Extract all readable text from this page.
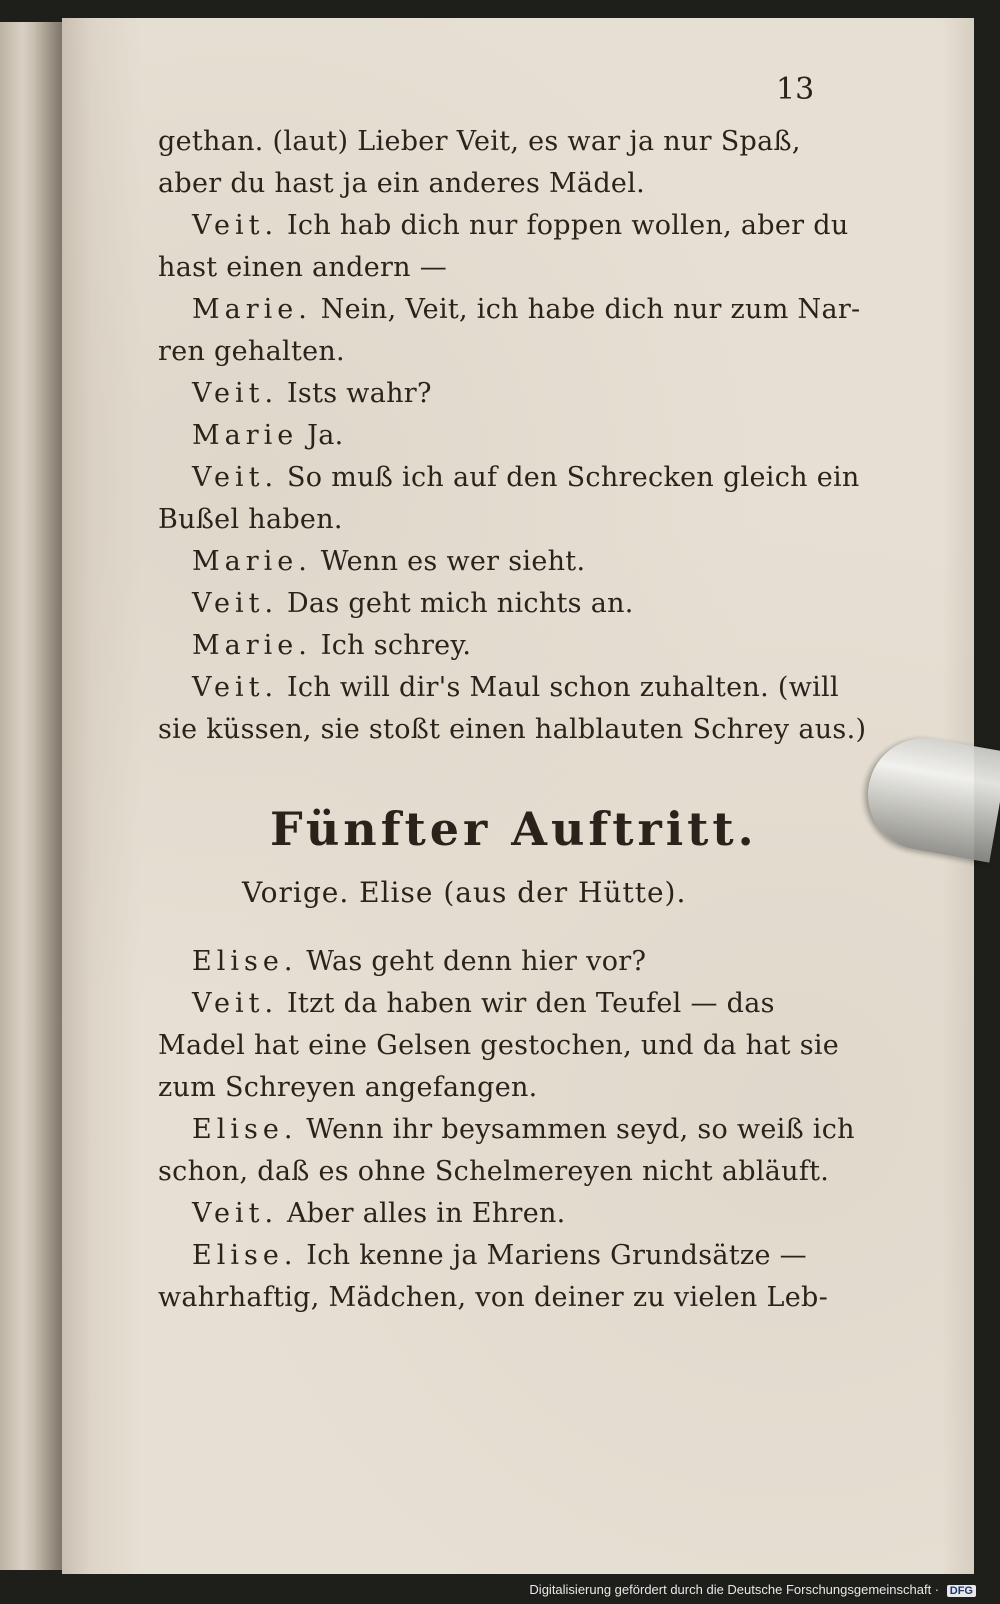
13
gethan. (laut) Lieber Veit, es war ja nur Spaß,
aber du hast ja ein anderes Mädel.
Veit. Ich hab dich nur foppen wollen, aber du
hast einen andern —
Marie. Nein, Veit, ich habe dich nur zum Nar-
ren gehalten.
Veit. Ists wahr?
Marie Ja.
Veit. So muß ich auf den Schrecken gleich ein
Bußel haben.
Marie. Wenn es wer sieht.
Veit. Das geht mich nichts an.
Marie. Ich schrey.
Veit. Ich will dir's Maul schon zuhalten. (will
sie küssen, sie stoßt einen halblauten Schrey aus.)
Fünfter Auftritt.
Vorige. Elise (aus der Hütte).
Elise. Was geht denn hier vor?
Veit. Itzt da haben wir den Teufel — das
Madel hat eine Gelsen gestochen, und da hat sie
zum Schreyen angefangen.
Elise. Wenn ihr beysammen seyd, so weiß ich
schon, daß es ohne Schelmereyen nicht abläuft.
Veit. Aber alles in Ehren.
Elise. Ich kenne ja Mariens Grundsätze —
wahrhaftig, Mädchen, von deiner zu vielen Leb-
Digitalisierung gefördert durch die Deutsche Forschungsgemeinschaft · DFG
